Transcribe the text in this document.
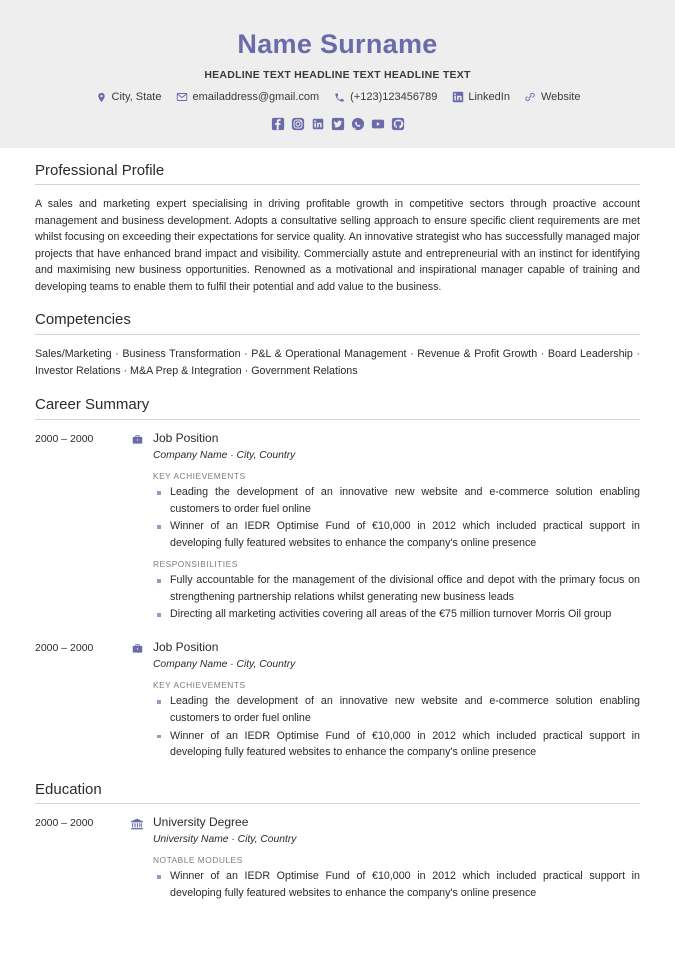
Name Surname
HEADLINE TEXT HEADLINE TEXT HEADLINE TEXT
City, State	emailaddress@gmail.com	(+123)123456789	LinkedIn	Website
Professional Profile

A sales and marketing expert specialising in driving profitable growth in competitive sectors through proactive account management and business development. Adopts a consultative selling approach to ensure specific client requirements are met whilst focusing on exceeding their expectations for service quality. An innovative strategist who has successfully managed major projects that have enhanced brand impact and visibility. Commercially astute and entrepreneurial with an instinct for identifying and maximising new business opportunities. Renowned as a motivational and inspirational manager capable of training and developing teams to enable them to fulfil their potential and add value to the business.

Competencies

Sales/Marketing · Business Transformation · P&L & Operational Management · Revenue & Profit Growth · Board Leadership · Investor Relations · M&A Prep & Integration · Government Relations

Career Summary
2000 – 2000	Job Position
Company Name · City, Country
KEY ACHIEVEMENTS
Leading the development of an innovative new website and e-commerce solution enabling customers to order fuel online
Winner of an IEDR Optimise Fund of €10,000 in 2012 which included practical support in developing fully featured websites to enhance the company's online presence
RESPONSIBILITIES
Fully accountable for the management of the divisional office and depot with the primary focus on strengthening partnership relations whilst generating new business leads
Directing all marketing activities covering all areas of the €75 million turnover Morris Oil group
2000 – 2000	Job Position
Company Name · City, Country
KEY ACHIEVEMENTS
Leading the development of an innovative new website and e-commerce solution enabling customers to order fuel online
Winner of an IEDR Optimise Fund of €10,000 in 2012 which included practical support in developing fully featured websites to enhance the company's online presence
Education
2000 – 2000	University Degree
University Name · City, Country
NOTABLE MODULES
Winner of an IEDR Optimise Fund of €10,000 in 2012 which included practical support in developing fully featured websites to enhance the company's online presence
